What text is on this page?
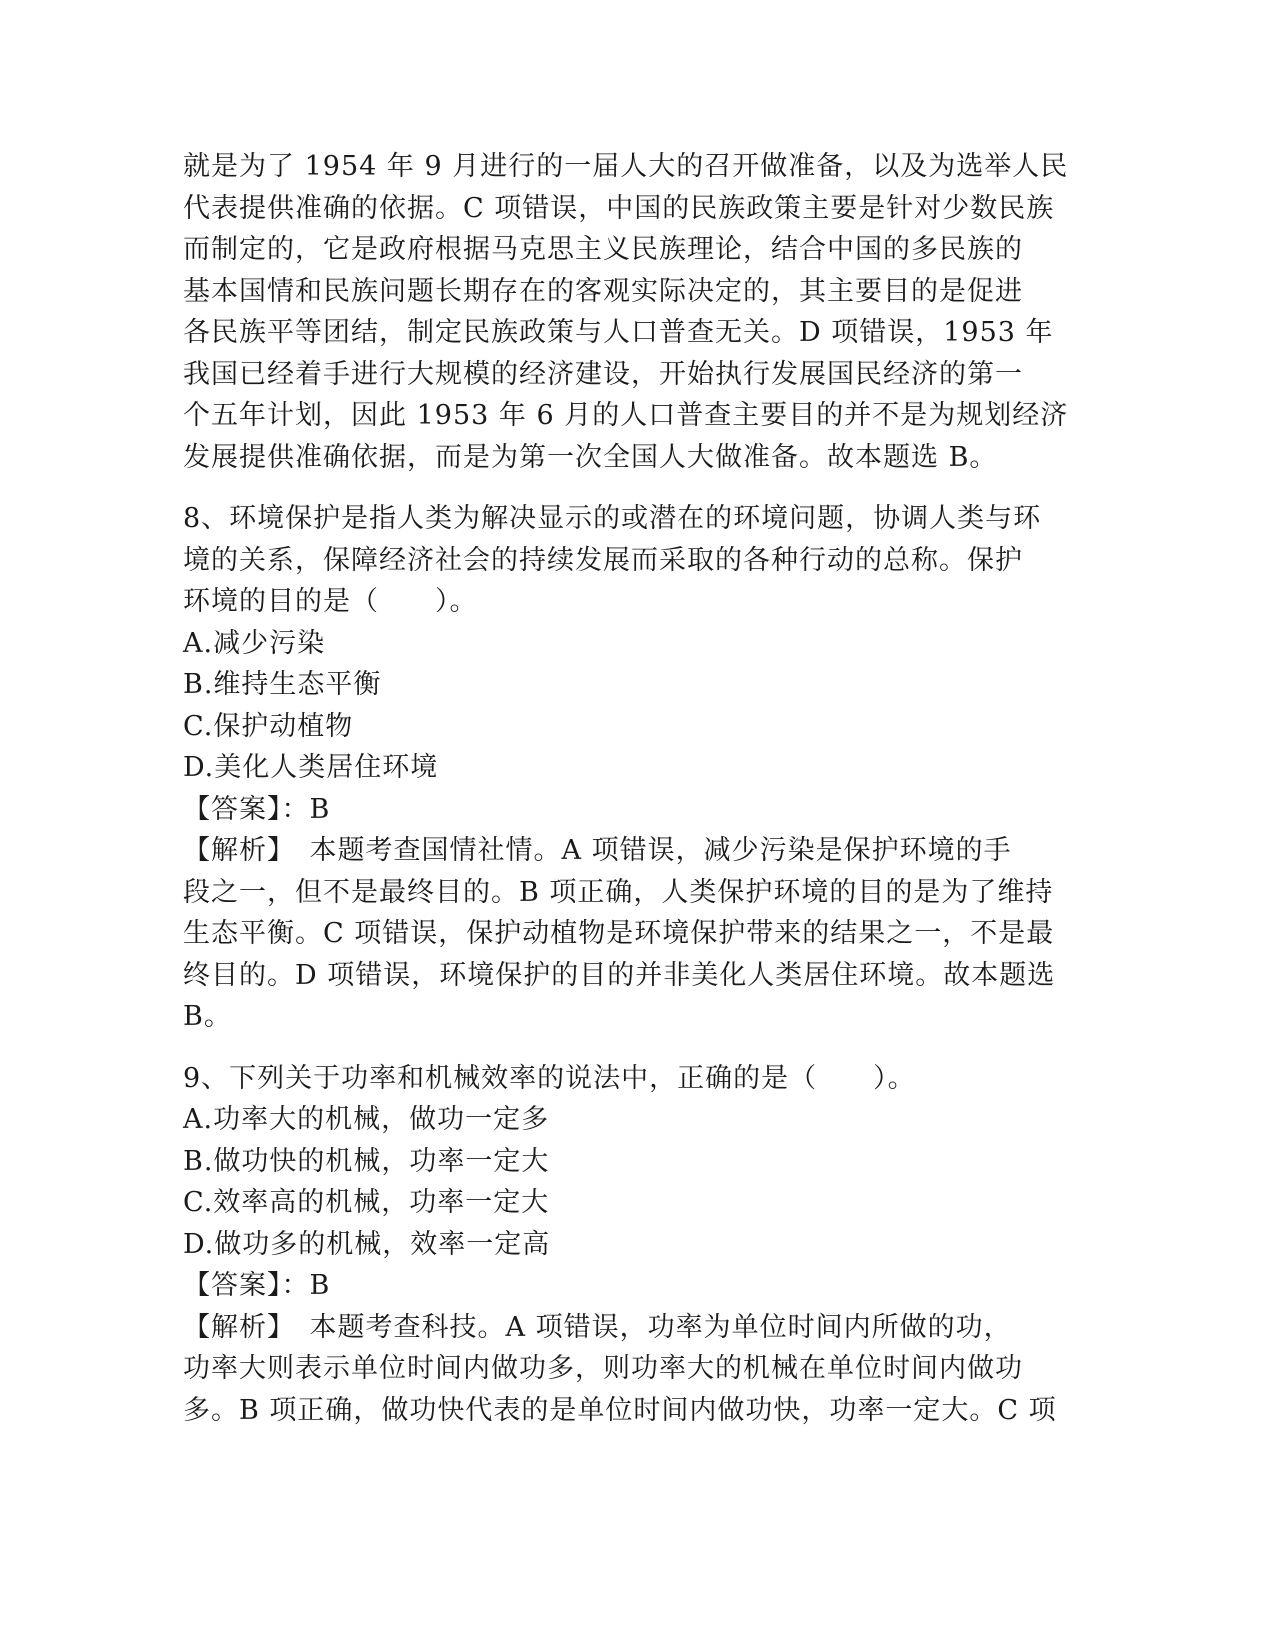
就是为了 1954 年 9 月进行的一届人大的召开做准备，以及为选举人民
代表提供准确的依据。C 项错误，中国的民族政策主要是针对少数民族
而制定的，它是政府根据马克思主义民族理论，结合中国的多民族的
基本国情和民族问题长期存在的客观实际决定的，其主要目的是促进
各民族平等团结，制定民族政策与人口普查无关。D 项错误，1953 年
我国已经着手进行大规模的经济建设，开始执行发展国民经济的第一
个五年计划，因此 1953 年 6 月的人口普查主要目的并不是为规划经济
发展提供准确依据，而是为第一次全国人大做准备。故本题选 B。
8、环境保护是指人类为解决显示的或潜在的环境问题，协调人类与环
境的关系，保障经济社会的持续发展而采取的各种行动的总称。保护
环境的目的是（　　）。
A.减少污染
B.维持生态平衡
C.保护动植物
D.美化人类居住环境
【答案】：B
【解析】　本题考查国情社情。A 项错误，减少污染是保护环境的手
段之一，但不是最终目的。B 项正确，人类保护环境的目的是为了维持
生态平衡。C 项错误，保护动植物是环境保护带来的结果之一，不是最
终目的。D 项错误，环境保护的目的并非美化人类居住环境。故本题选
B。
9、下列关于功率和机械效率的说法中，正确的是（　　）。
A.功率大的机械，做功一定多
B.做功快的机械，功率一定大
C.效率高的机械，功率一定大
D.做功多的机械，效率一定高
【答案】：B
【解析】　本题考查科技。A 项错误，功率为单位时间内所做的功，
功率大则表示单位时间内做功多，则功率大的机械在单位时间内做功
多。B 项正确，做功快代表的是单位时间内做功快，功率一定大。C 项
